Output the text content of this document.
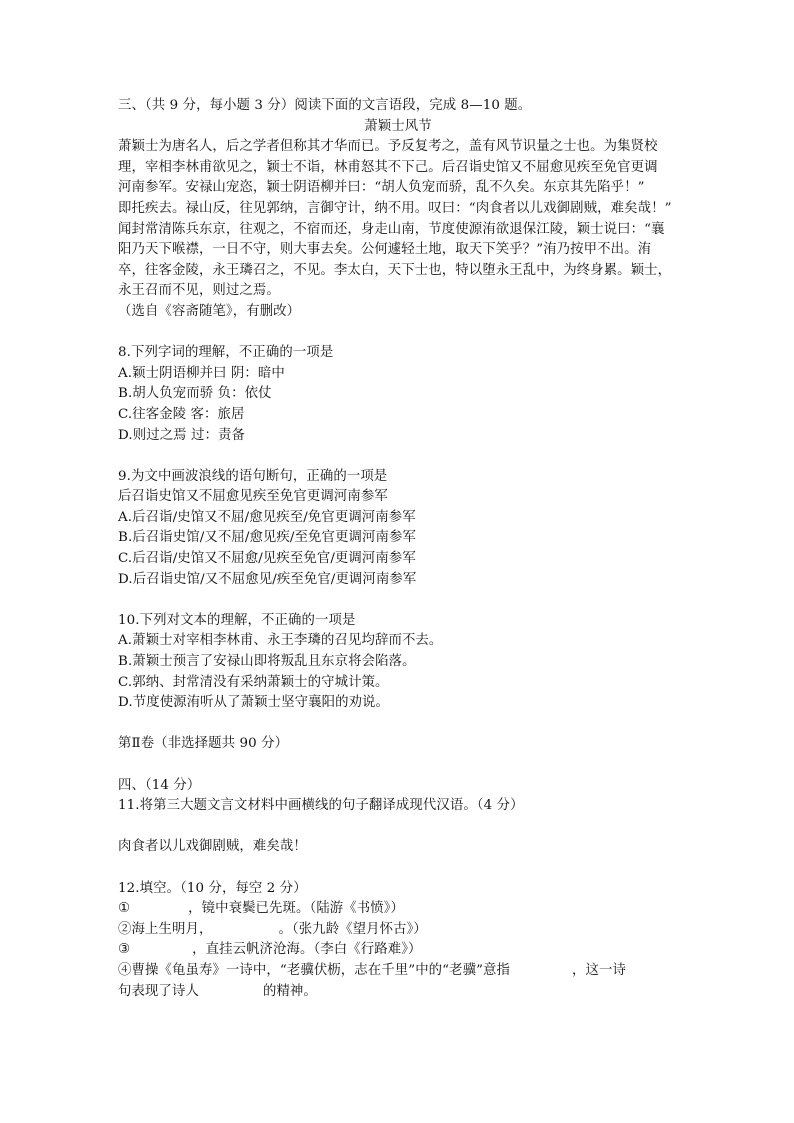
三、（共 9 分，每小题 3 分）阅读下面的文言语段，完成 8—10 题。
萧颖士风节
萧颖士为唐名人，后之学者但称其才华而已。予反复考之，盖有风节识量之士也。为集贤校
理，宰相李林甫欲见之，颖士不诣，林甫怒其不下己。后召诣史馆又不屈愈见疾至免官更调
河南参军。安禄山宠恣，颖士阴语柳并曰：“胡人负宠而骄，乱不久矣。东京其先陷乎！”
即托疾去。禄山反，往见郭纳，言御守计，纳不用。叹曰：“肉食者以儿戏御剧贼，难矣哉！”
闻封常清陈兵东京，往观之，不宿而还，身走山南，节度使源洧欲退保江陵，颖士说曰：“襄
阳乃天下喉襟，一日不守，则大事去矣。公何遽轻土地，取天下笑乎？”洧乃按甲不出。洧
卒，往客金陵，永王璘召之，不见。李太白，天下士也，特以堕永王乱中，为终身累。颖士，
永王召而不见，则过之焉。
（选自《容斋随笔》，有删改）
8.下列字词的理解，不正确的一项是
A.颖士阴语柳并曰 阴：暗中
B.胡人负宠而骄 负：依仗
C.往客金陵 客：旅居
D.则过之焉 过：责备
9.为文中画波浪线的语句断句，正确的一项是
后召诣史馆又不屈愈见疾至免官更调河南参军
A.后召诣/史馆又不屈/愈见疾至/免官更调河南参军
B.后召诣史馆/又不屈/愈见疾/至免官更调河南参军
C.后召诣/史馆又不屈愈/见疾至免官/更调河南参军
D.后召诣史馆/又不屈愈见/疾至免官/更调河南参军
10.下列对文本的理解，不正确的一项是
A.萧颖士对宰相李林甫、永王李璘的召见均辞而不去。
B.萧颖士预言了安禄山即将叛乱且东京将会陷落。
C.郭纳、封常清没有采纳萧颖士的守城计策。
D.节度使源洧听从了萧颖士坚守襄阳的劝说。
第Ⅱ卷（非选择题共 90 分）
四、（14 分）
11.将第三大题文言文材料中画横线的句子翻译成现代汉语。（4 分）
肉食者以儿戏御剧贼，难矣哉！
12.填空。（10 分，每空 2 分）
①	，镜中衰鬓已先斑。（陆游《书愤》）
②海上生明月，	。（张九龄《望月怀古》）
③	，直挂云帆济沧海。（李白《行路难》）
④曹操《龟虽寿》一诗中，“老骥伏枥，志在千里”中的“老骥”意指	，这一诗
句表现了诗人	的精神。
